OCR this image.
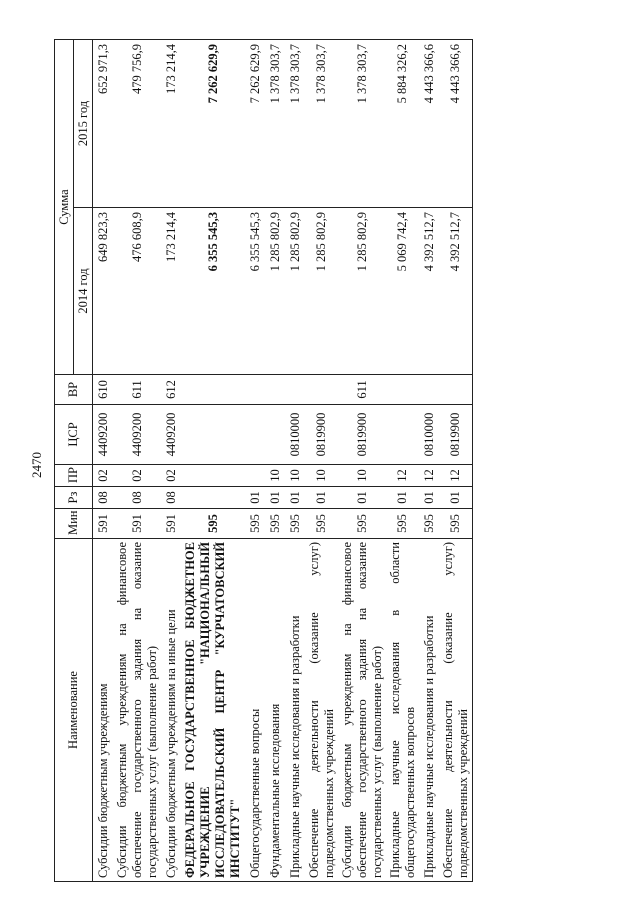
2470
Наименование	Мин	Рз	ПР	ЦСР	ВР	Сумма	
						2014 год	2015 год
Субсидии бюджетным учреждениям	591	08	02	4409200	610	649 823,3	652 971,3
Субсидии бюджетным учреждениям на финансовое обеспечение государственного задания на оказание государственных услуг (выполнение работ)	591	08	02	4409200	611	476 608,9	479 756,9
Субсидии бюджетным учреждениям на иные цели	591	08	02	4409200	612	173 214,4	173 214,4
ФЕДЕРАЛЬНОЕ ГОСУДАРСТВЕННОЕ БЮДЖЕТНОЕ УЧРЕЖДЕНИЕ "НАЦИОНАЛЬНЫЙ ИССЛЕДОВАТЕЛЬСКИЙ ЦЕНТР "КУРЧАТОВСКИЙ ИНСТИТУТ"	595					6 355 545,3	7 262 629,9
Общегосударственные вопросы	595	01				6 355 545,3	7 262 629,9
Фундаментальные исследования	595	01	10			1 285 802,9	1 378 303,7
Прикладные научные исследования и разработки	595	01	10	0810000		1 285 802,9	1 378 303,7
Обеспечение деятельности (оказание услуг) подведомственных учреждений	595	01	10	0819900		1 285 802,9	1 378 303,7
Субсидии бюджетным учреждениям на финансовое обеспечение государственного задания на оказание государственных услуг (выполнение работ)	595	01	10	0819900	611	1 285 802,9	1 378 303,7
Прикладные научные исследования в области общегосударственных вопросов	595	01	12			5 069 742,4	5 884 326,2
Прикладные научные исследования и разработки	595	01	12	0810000		4 392 512,7	4 443 366,6
Обеспечение деятельности (оказание услуг) подведомственных учреждений	595	01	12	0819900		4 392 512,7	4 443 366,6
